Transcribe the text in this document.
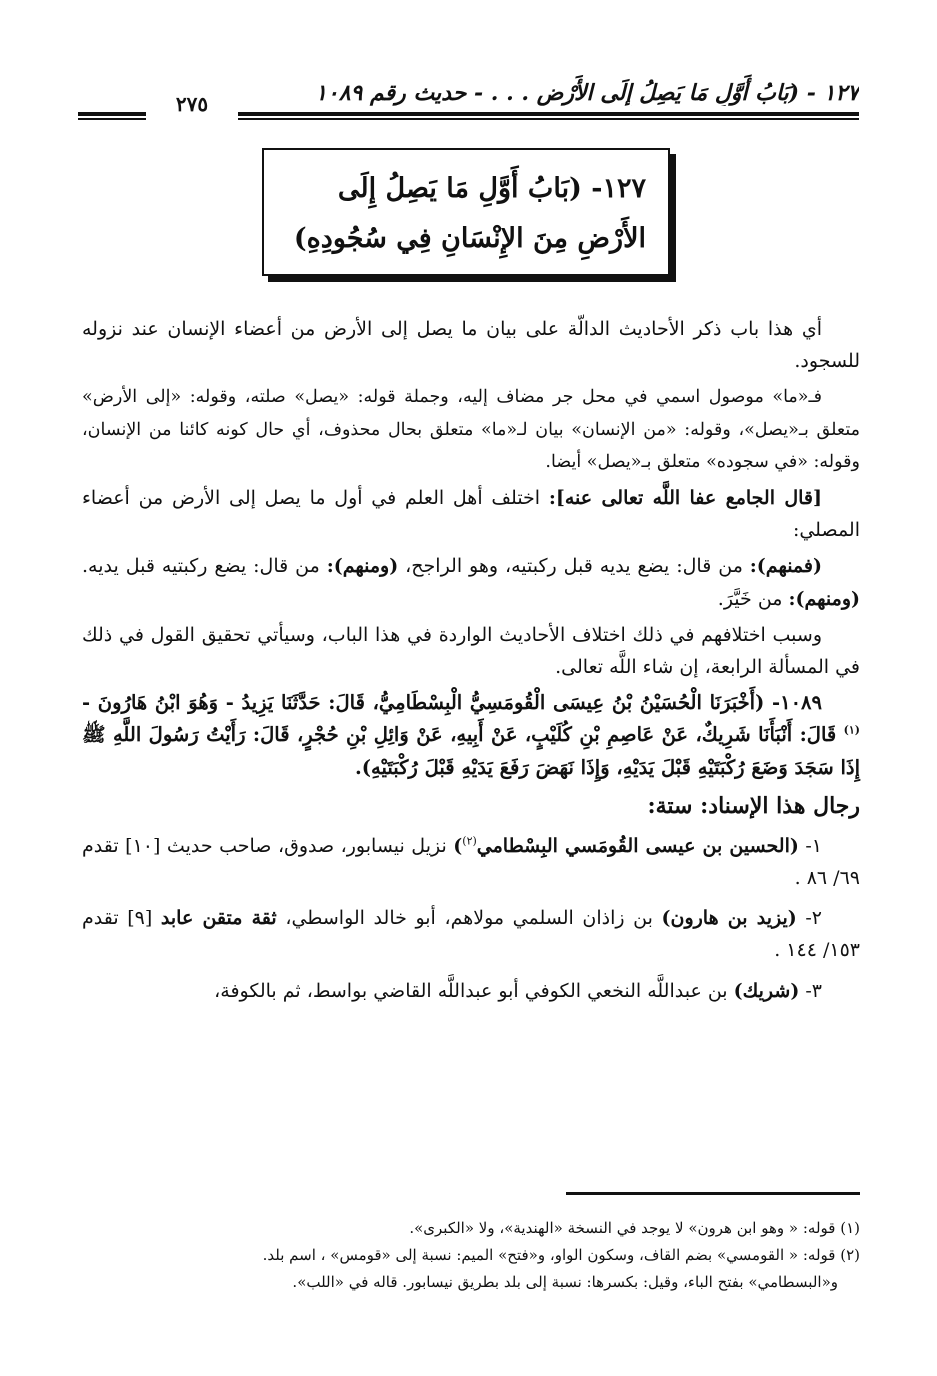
١٢٧ - (بَابُ أَوَّلِ مَا يَصِلُ إِلَى الأَرْضِ . . . - حديث رقم ١٠٨٩
٢٧٥
١٢٧- (بَابُ أَوَّلِ مَا يَصِلُ إِلَى
الأَرْضِ مِنَ الإِنْسَانِ فِي سُجُودِهِ)

أي هذا باب ذكر الأحاديث الدالّة على بيان ما يصل إلى الأرض من أعضاء الإنسان عند نزوله للسجود.

فـ«ما» موصول اسمي في محل جر مضاف إليه، وجملة قوله: «يصل» صلته، وقوله: «إلى الأرض» متعلق بـ«يصل»، وقوله: «من الإنسان» بيان لـ«ما» متعلق بحال محذوف، أي حال كونه كائنا من الإنسان، وقوله: «في سجوده» متعلق بـ«يصل» أيضا.

[قال الجامع عفا اللَّه تعالى عنه]: اختلف أهل العلم في أول ما يصل إلى الأرض من أعضاء المصلي:

(فمنهم): من قال: يضع يديه قبل ركبتيه، وهو الراجح، (ومنهم): من قال: يضع ركبتيه قبل يديه. (ومنهم): من خَيَّرَ.

وسبب اختلافهم في ذلك اختلاف الأحاديث الواردة في هذا الباب، وسيأتي تحقيق القول في ذلك في المسألة الرابعة، إن شاء اللَّه تعالى.

١٠٨٩- (أَخْبَرَنَا الْحُسَيْنُ بْنُ عِيسَى الْقُومَسِيُّ الْبِسْطَامِيُّ، قَالَ: حَدَّثَنَا يَزِيدُ - وَهُوَ ابْنُ هَارُونَ -$^{(١)}$ قَالَ: أَنْبَأَنَا شَرِيكٌ، عَنْ عَاصِمِ بْنِ كُلَيْبٍ، عَنْ أَبِيهِ، عَنْ وَائِلِ بْنِ حُجْرٍ، قَالَ: رَأَيْتُ رَسُولَ اللَّهِ ﷺ إِذَا سَجَدَ وَضَعَ رُكْبَتَيْهِ قَبْلَ يَدَيْهِ، وَإِذَا نَهَضَ رَفَعَ يَدَيْهِ قَبْلَ رُكْبَتَيْهِ).

رجال هذا الإسناد: ستة:

١- (الحسين بن عيسى القُومَسي البِسْطامي$^{(٢)}$) نزيل نيسابور، صدوق، صاحب حديث [١٠] تقدم ٦٩/ ٨٦ .

٢- (يزيد بن هارون) بن زاذان السلمي مولاهم، أبو خالد الواسطي، ثقة متقن عابد [٩] تقدم ١٥٣/ ١٤٤ .

٣- (شريك) بن عبداللَّه النخعي الكوفي أبو عبداللَّه القاضي بواسط، ثم بالكوفة،

(١) قوله: « وهو ابن هرون» لا يوجد في النسخة «الهندية»، ولا «الكبرى».

(٢) قوله: « القومسي» بضم القاف، وسكون الواو، و«فتح» الميم: نسبة إلى «قومس» ، اسم بلد.

و«البسطامي» بفتح الباء، وقيل: بكسرها: نسبة إلى بلد بطريق نيسابور. قاله في «اللب».
